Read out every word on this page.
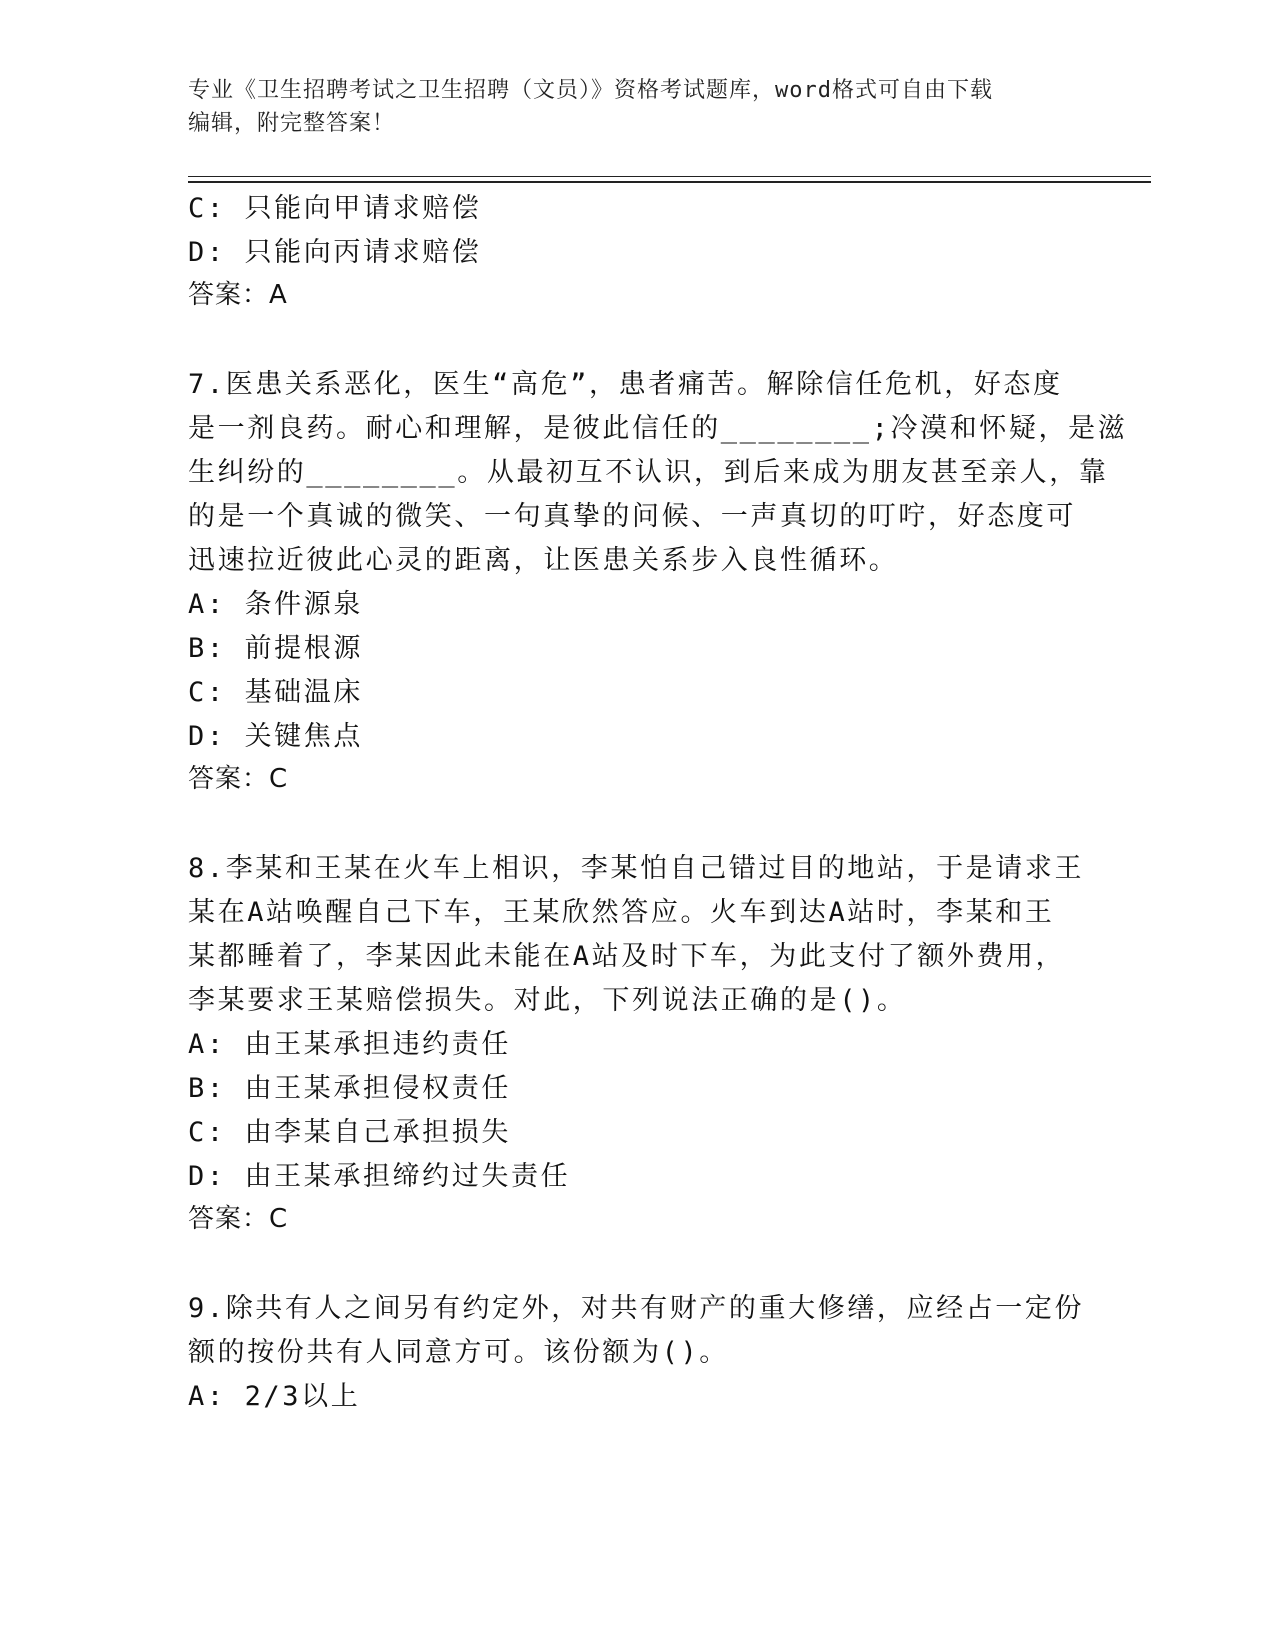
专业《卫生招聘考试之卫生招聘（文员）》资格考试题库，word格式可自由下载
编辑，附完整答案！
C: 只能向甲请求赔偿
D: 只能向丙请求赔偿
答案：A
7.医患关系恶化，医生“高危”，患者痛苦。解除信任危机，好态度
是一剂良药。耐心和理解，是彼此信任的________;冷漠和怀疑，是滋
生纠纷的________。从最初互不认识，到后来成为朋友甚至亲人，靠
的是一个真诚的微笑、一句真挚的问候、一声真切的叮咛，好态度可
迅速拉近彼此心灵的距离，让医患关系步入良性循环。
A: 条件源泉
B: 前提根源
C: 基础温床
D: 关键焦点
答案：C
8.李某和王某在火车上相识，李某怕自己错过目的地站，于是请求王
某在A站唤醒自己下车，王某欣然答应。火车到达A站时，李某和王
某都睡着了，李某因此未能在A站及时下车，为此支付了额外费用，
李某要求王某赔偿损失。对此，下列说法正确的是()。
A: 由王某承担违约责任
B: 由王某承担侵权责任
C: 由李某自己承担损失
D: 由王某承担缔约过失责任
答案：C
9.除共有人之间另有约定外，对共有财产的重大修缮，应经占一定份
额的按份共有人同意方可。该份额为()。
A: 2/3以上
